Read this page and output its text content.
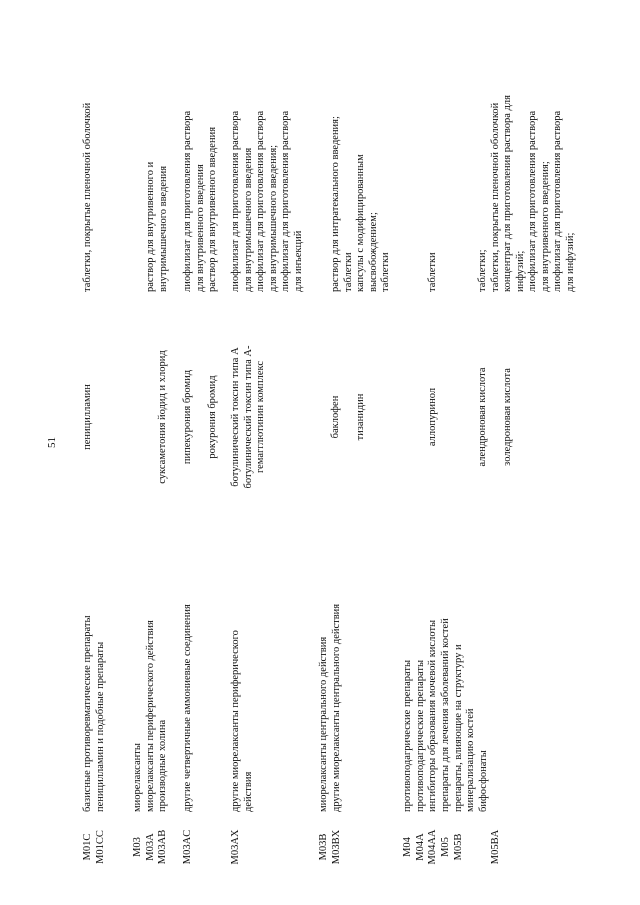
51
M01C M01CC
базисные противоревматические препараты пеницилламин и подобные препараты
пеницилламин
таблетки, покрытые пленочной оболочкой
M03 M03A M03AB
миорелаксанты миорелаксанты периферического действия производные холина
суксаметония йодид и хлорид
раствор для внутривенного и внутримышечного введения
M03AC
другие четвертичные аммониевые соединения
пипекурония бромид
рокурония бромид
лиофилизат для приготовления раствора для внутривенного введения раствор для внутривенного введения
M03AX
другие миорелаксанты периферического действия
ботулинический токсин типа A ботулинический токсин типа A- гемагглютинин комплекс
лиофилизат для приготовления раствора для внутримышечного введения лиофилизат для приготовления раствора для внутримышечного введения; лиофилизат для приготовления раствора для инъекций
M03B M03BX
миорелаксанты центрального действия другие миорелаксанты центрального действия
баклофен
тизанидин
раствор для интратекального введения; таблетки капсулы с модифицированным высвобождением; таблетки
M04 M04A M04AA
противоподагрические препараты противоподагрические препараты ингибиторы образования мочевой кислоты
аллопуринол
таблетки
M05 M05B

	M05BA
препараты для лечения заболеваний костей препараты, влияющие на структуру и минерализацию костей бифосфонаты
алендроновая кислота
золедроновая кислота
таблетки; таблетки, покрытые пленочной оболочкой концентрат для приготовления раствора для инфузий; лиофилизат для приготовления раствора для внутривенного введения; лиофилизат для приготовления раствора для инфузий;
